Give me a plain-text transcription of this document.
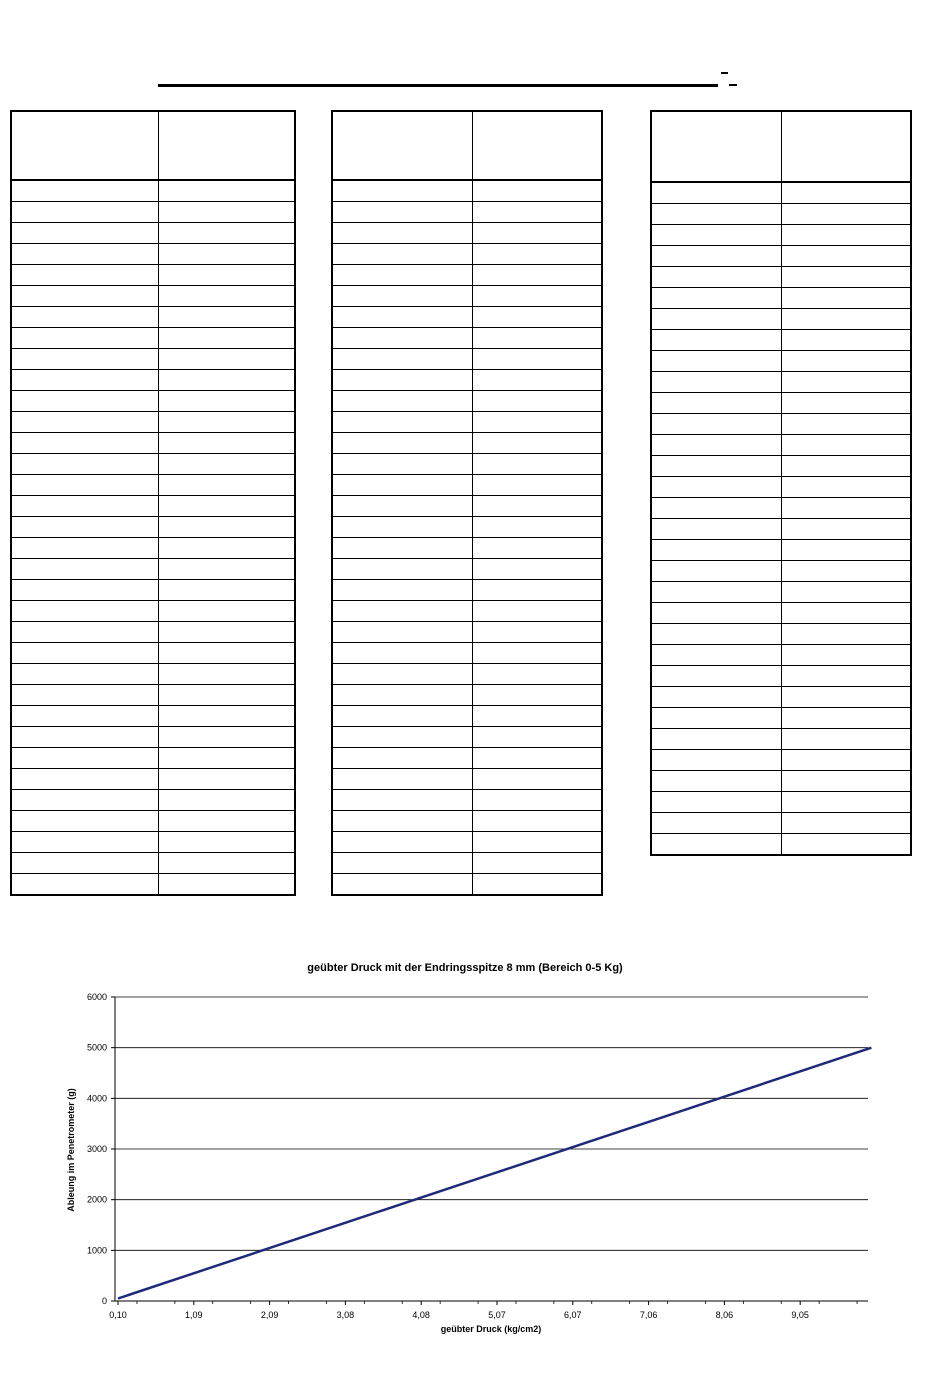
geübter Druck mit der Endringsspitze 8 mm (Bereich 0-5 Kg)
0
1000
2000
3000
4000
5000
6000
0,10	1,09	2,09	3,08	4,08	5,07	6,07	7,06	8,06	9,05
geübter Druck (kg/cm2)
Ableung im Penetrometer (g)
